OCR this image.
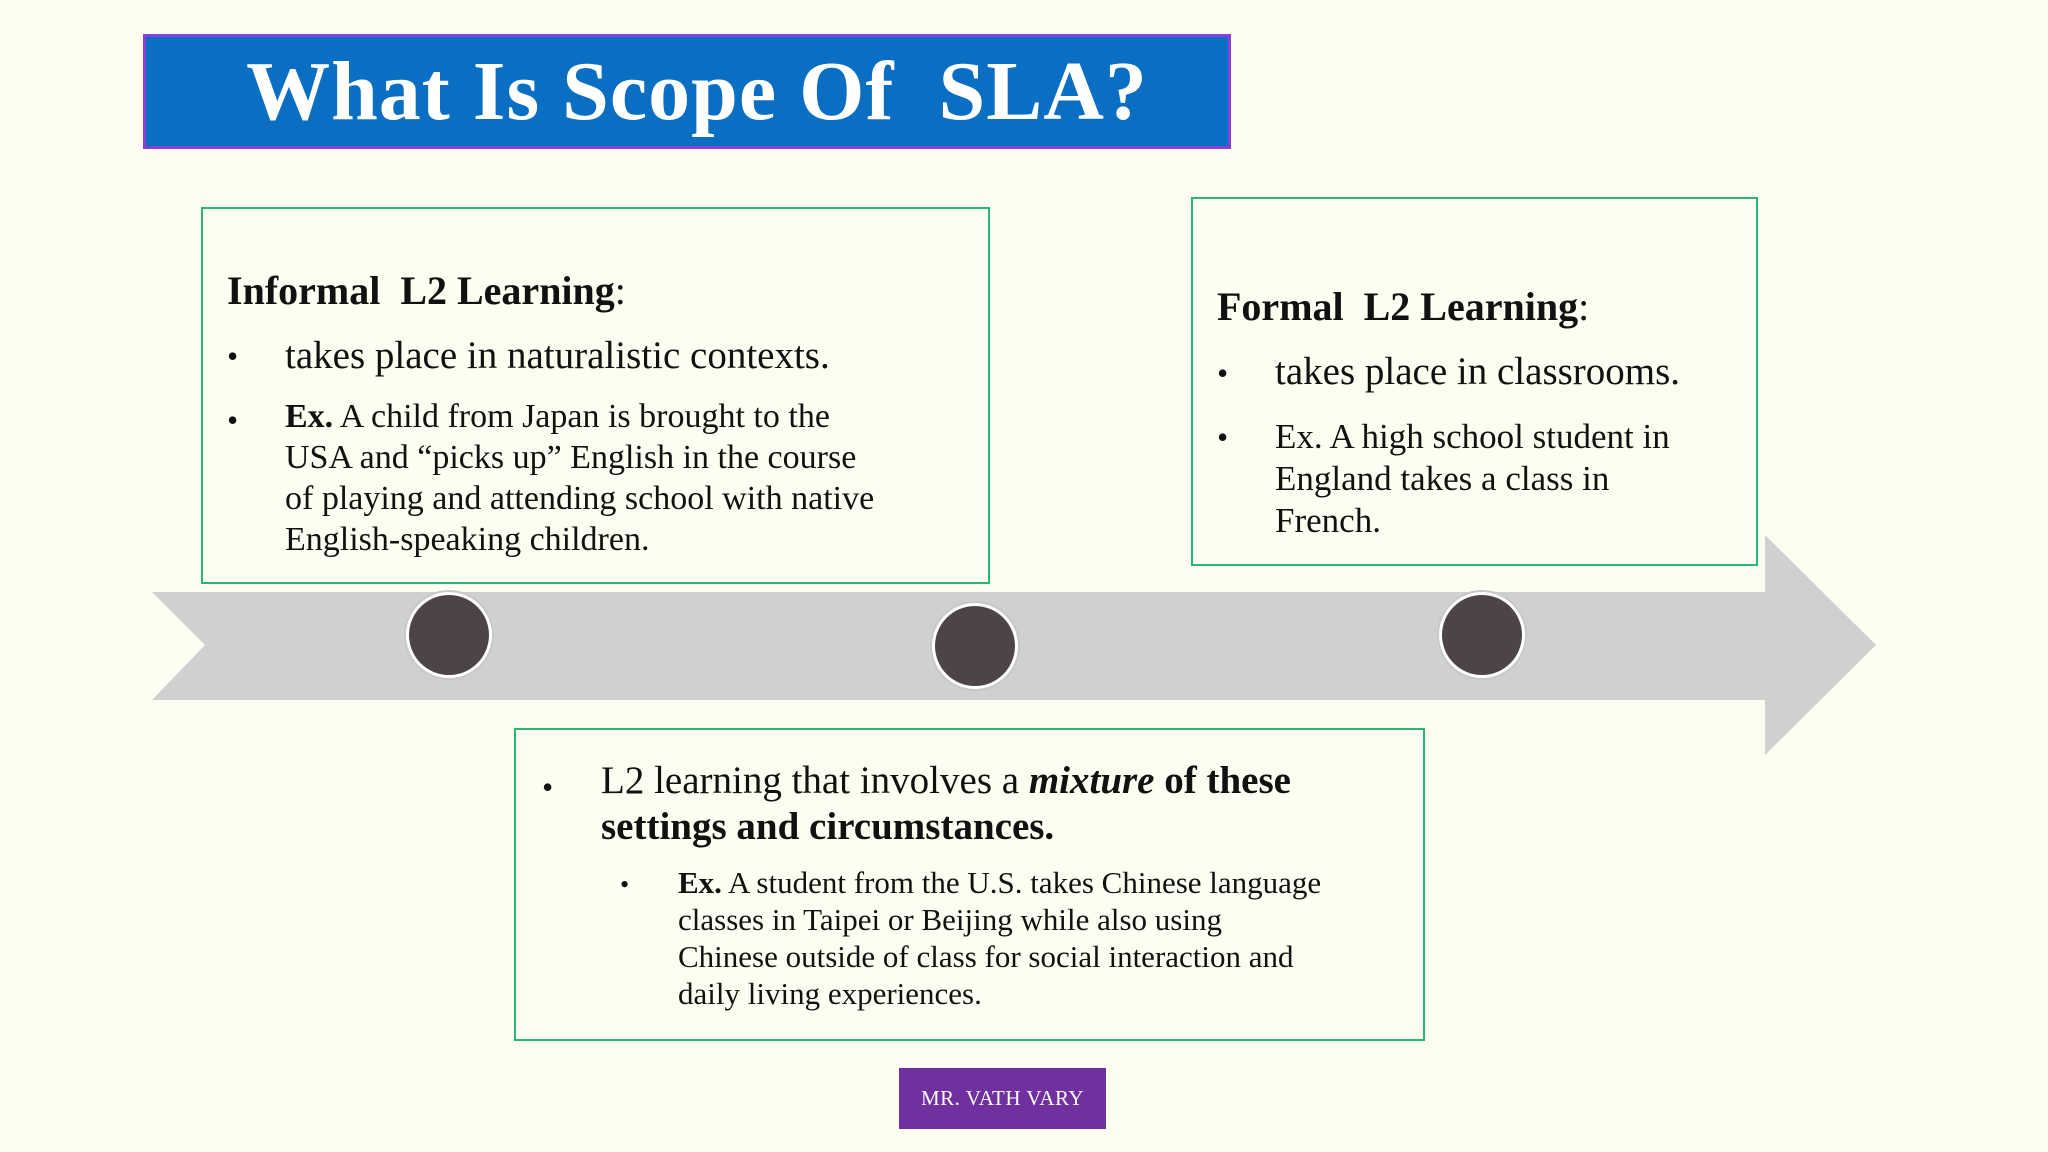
What Is Scope Of  SLA?
Informal  L2 Learning:
• takes place in naturalistic contexts.
• Ex. A child from Japan is brought to the
USA and “picks up” English in the course
of playing and attending school with native
English-speaking children.
Formal  L2 Learning:
• takes place in classrooms.
• Ex. A high school student in
England takes a class in
French.
• L2 learning that involves a mixture of these
settings and circumstances.
• Ex. A student from the U.S. takes Chinese language
classes in Taipei or Beijing while also using
Chinese outside of class for social interaction and
daily living experiences.
MR. VATH VARY
